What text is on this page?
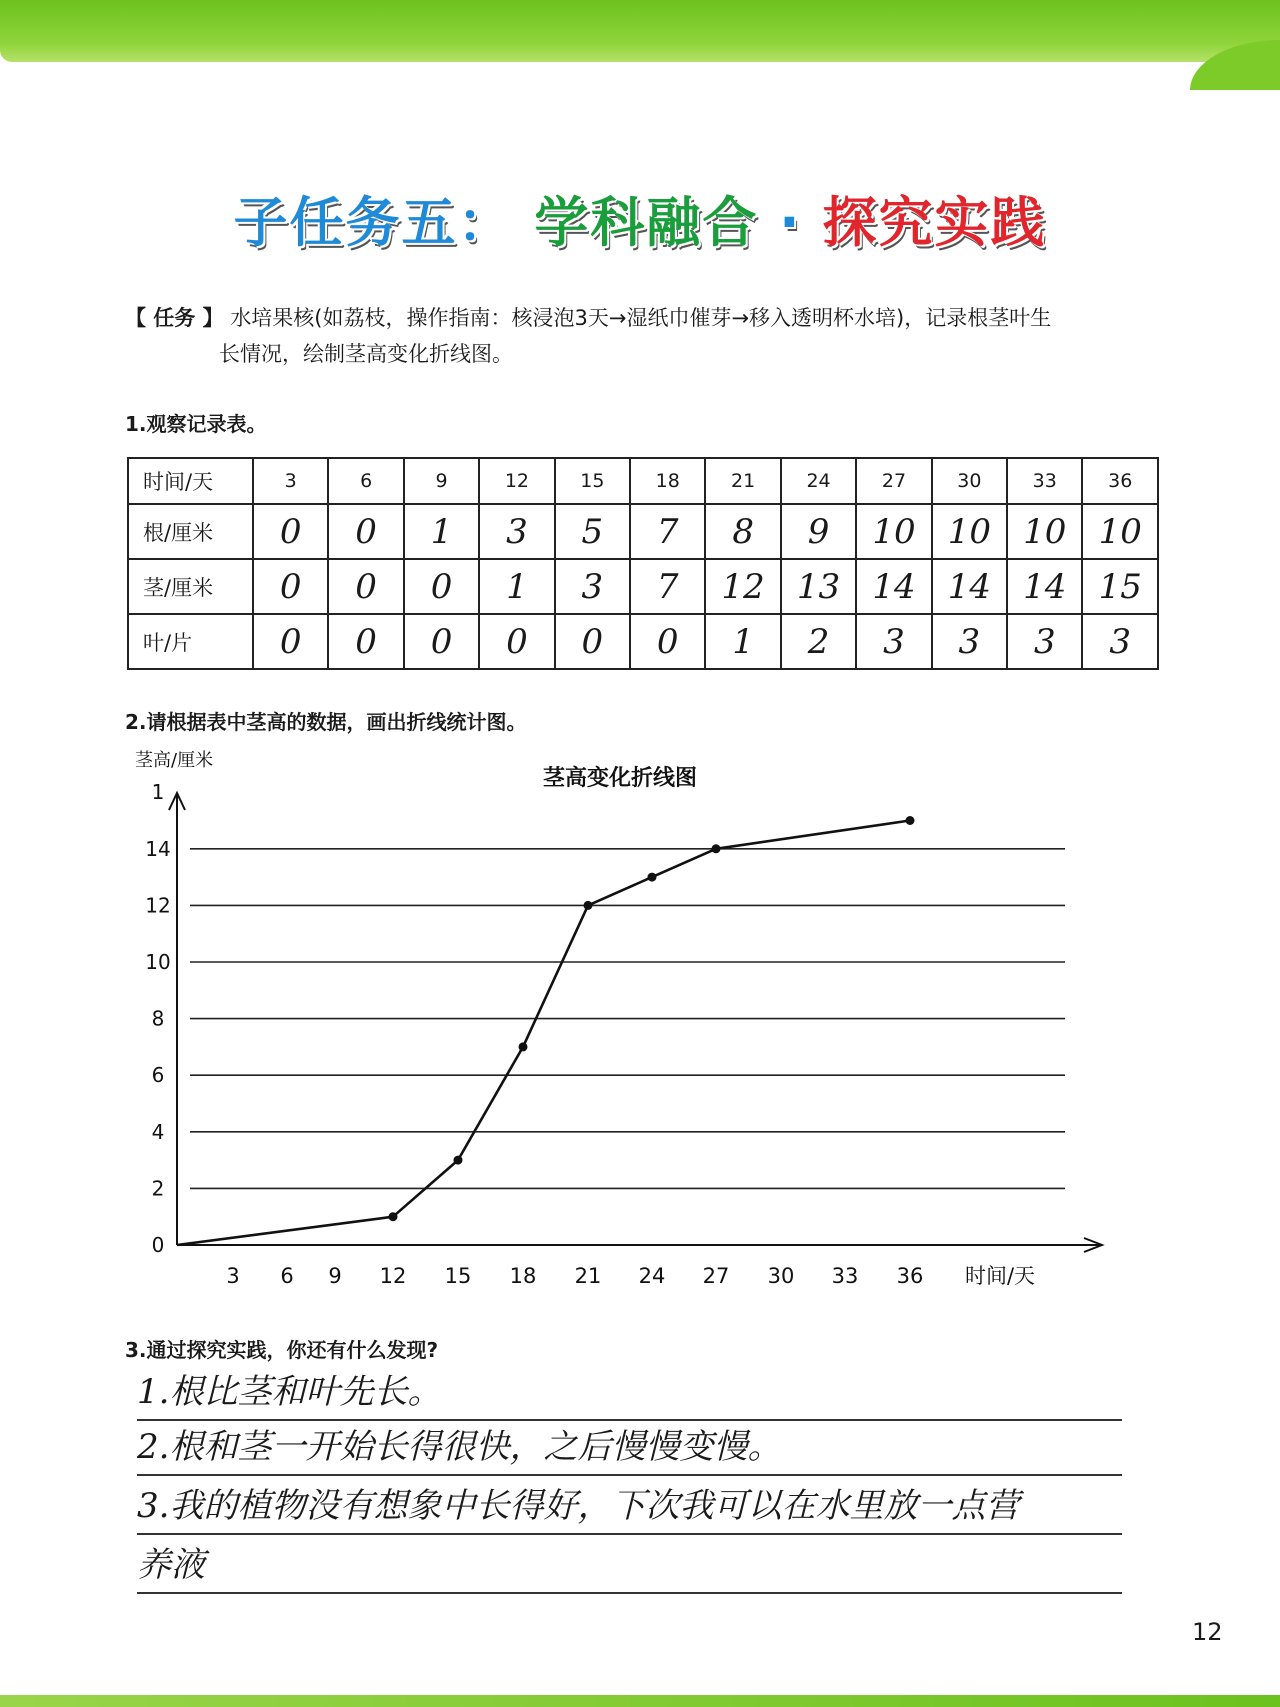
子任务五： 学科融合 · 探究实践
【 任务 】 水培果核(如荔枝，操作指南：核浸泡3天→湿纸巾催芽→移入透明杯水培)，记录根茎叶生
长情况，绘制茎高变化折线图。
1.观察记录表。
时间/天	3	6	9	12	15	18	21	24	27	30	33	36
根/厘米	0	0	1	3	5	7	8	9	10	10	10	10
茎/厘米	0	0	0	1	3	7	12	13	14	14	14	15
叶/片	0	0	0	0	0	0	1	2	3	3	3	3
2.请根据表中茎高的数据，画出折线统计图。
茎高变化折线图
茎高/厘米
时间/天
0
2
4
6
8
10
12
14
1
3 6 9 12 15 18 21 24 27 30 33 36
3.通过探究实践，你还有什么发现?
1.根比茎和叶先长。
2.根和茎一开始长得很快，之后慢慢变慢。
3.我的植物没有想象中长得好，下次我可以在水里放一点营
养液
12
